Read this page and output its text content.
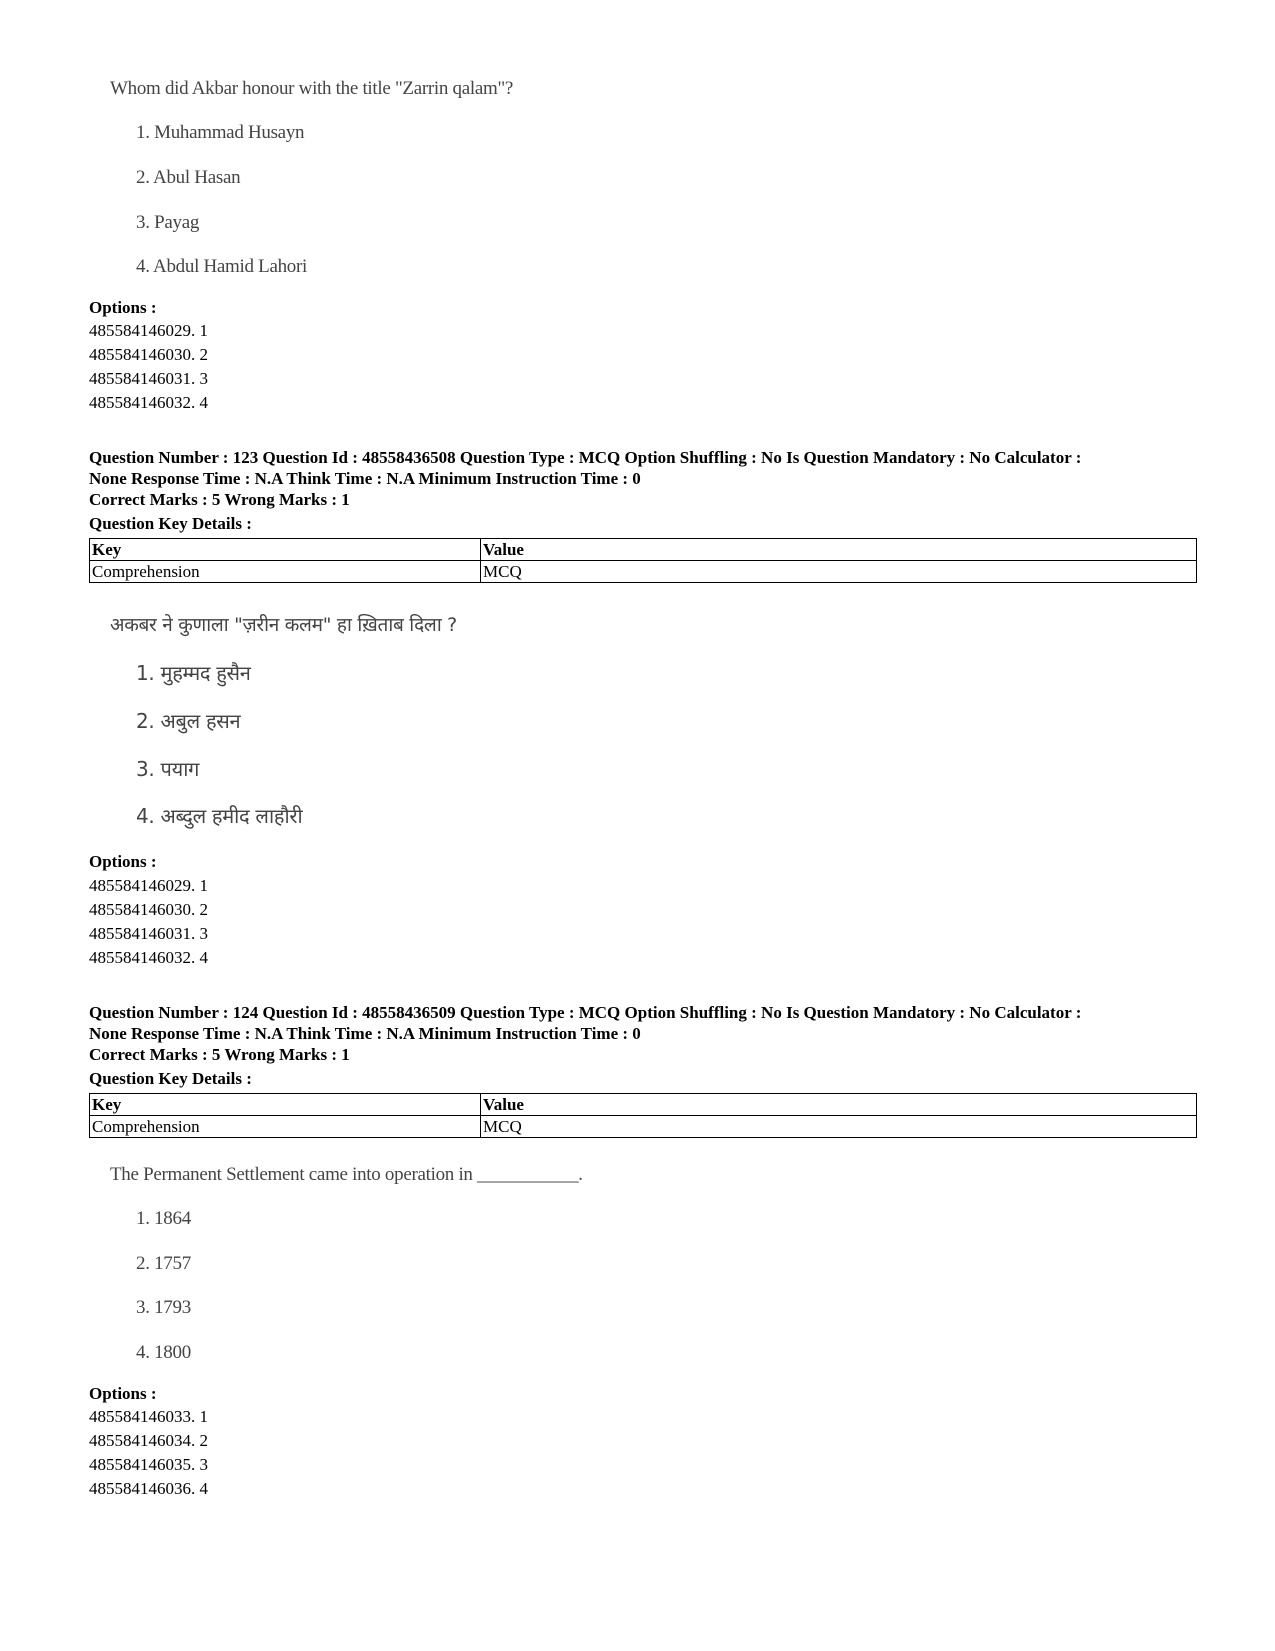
Whom did Akbar honour with the title "Zarrin qalam"?
1. Muhammad Husayn
2. Abul Hasan
3. Payag
4. Abdul Hamid Lahori
Options :
485584146029. 1
485584146030. 2
485584146031. 3
485584146032. 4
Question Number : 123 Question Id : 48558436508 Question Type : MCQ Option Shuffling : No Is Question Mandatory : No Calculator :
None Response Time : N.A Think Time : N.A Minimum Instruction Time : 0
Correct Marks : 5 Wrong Marks : 1
Question Key Details :
Key	Value
Comprehension	MCQ
अकबर ने कुणाला "ज़रीन कलम" हा ख़िताब दिला ?
1. मुहम्मद हुसैन
2. अबुल हसन
3. पयाग
4. अब्दुल हमीद लाहौरी
Options :
485584146029. 1
485584146030. 2
485584146031. 3
485584146032. 4
Question Number : 124 Question Id : 48558436509 Question Type : MCQ Option Shuffling : No Is Question Mandatory : No Calculator :
None Response Time : N.A Think Time : N.A Minimum Instruction Time : 0
Correct Marks : 5 Wrong Marks : 1
Question Key Details :
Key	Value
Comprehension	MCQ
The Permanent Settlement came into operation in ___________.
1. 1864
2. 1757
3. 1793
4. 1800
Options :
485584146033. 1
485584146034. 2
485584146035. 3
485584146036. 4
